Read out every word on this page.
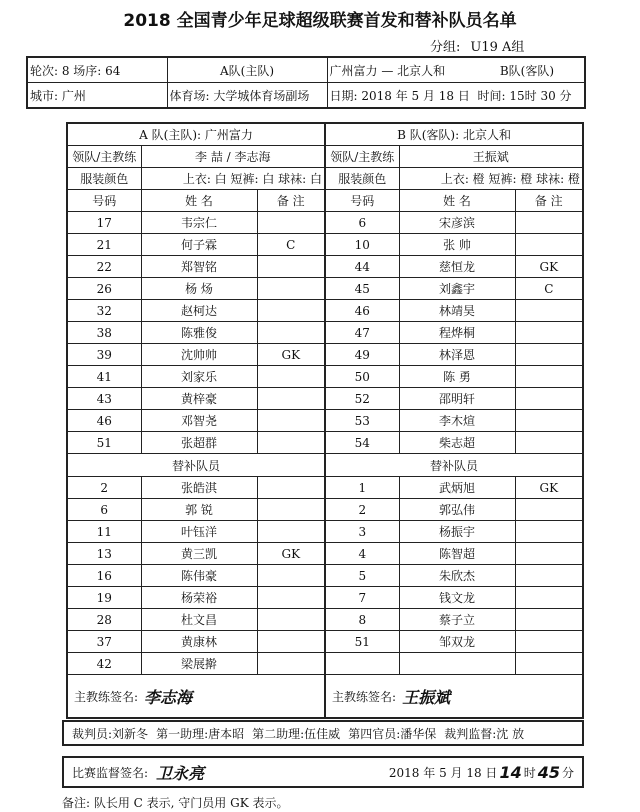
2018 全国青少年足球超级联赛首发和替补队员名单
分组: U19 A组
轮次: 8 场序: 64	A队(主队)	广州富力 — 北京人和	B队(客队)
城市: 广州	体育场: 大学城体育场副场	日期: 2018 年 5 月 18 日 时间: 15时 30 分	
A 队(主队): 广州富力			B 队(客队): 北京人和		
领队/主教练	李 喆 / 李志海		领队/主教练	王振斌	
服装颜色	上衣: 白 短裤: 白 球袜: 白		服装颜色	上衣: 橙 短裤: 橙 球袜: 橙	
号码	姓 名	备 注	号码	姓 名	备 注
17	韦宗仁		6	宋彦滨	
21	何子霖	C	10	张 帅	
22	郑智铭		44	慈恒龙	GK
26	杨 炀		45	刘鑫宇	C
32	赵柯达		46	林靖昊	
38	陈雅俊		47	程烨桐	
39	沈帅帅	GK	49	林泽恩	
41	刘家乐		50	陈 勇	
43	黄梓豪		52	邵明轩	
46	邓智尧		53	李木煊	
51	张超群		54	柴志超	
替补队员			替补队员		
2	张皓淇		1	武炳旭	GK
6	郭 锐		2	郭弘伟	
11	叶钰洋		3	杨振宇	
13	黄三凯	GK	4	陈智超	
16	陈伟豪		5	朱欣杰	
19	杨荣裕		7	钱文龙	
28	杜文昌		8	蔡子立	
37	黄康林		51	邹双龙	
42	梁展擀				

主教练签名: 李志海			主教练签名: 王振斌		
裁判员:刘新冬 第一助理:唐本昭 第二助理:伍佳威 第四官员:潘华保 裁判监督:沈 放
比赛监督签名: 卫永亮	2018 年 5 月 18 日 14 时 45 分
备注: 队长用 C 表示, 守门员用 GK 表示。
